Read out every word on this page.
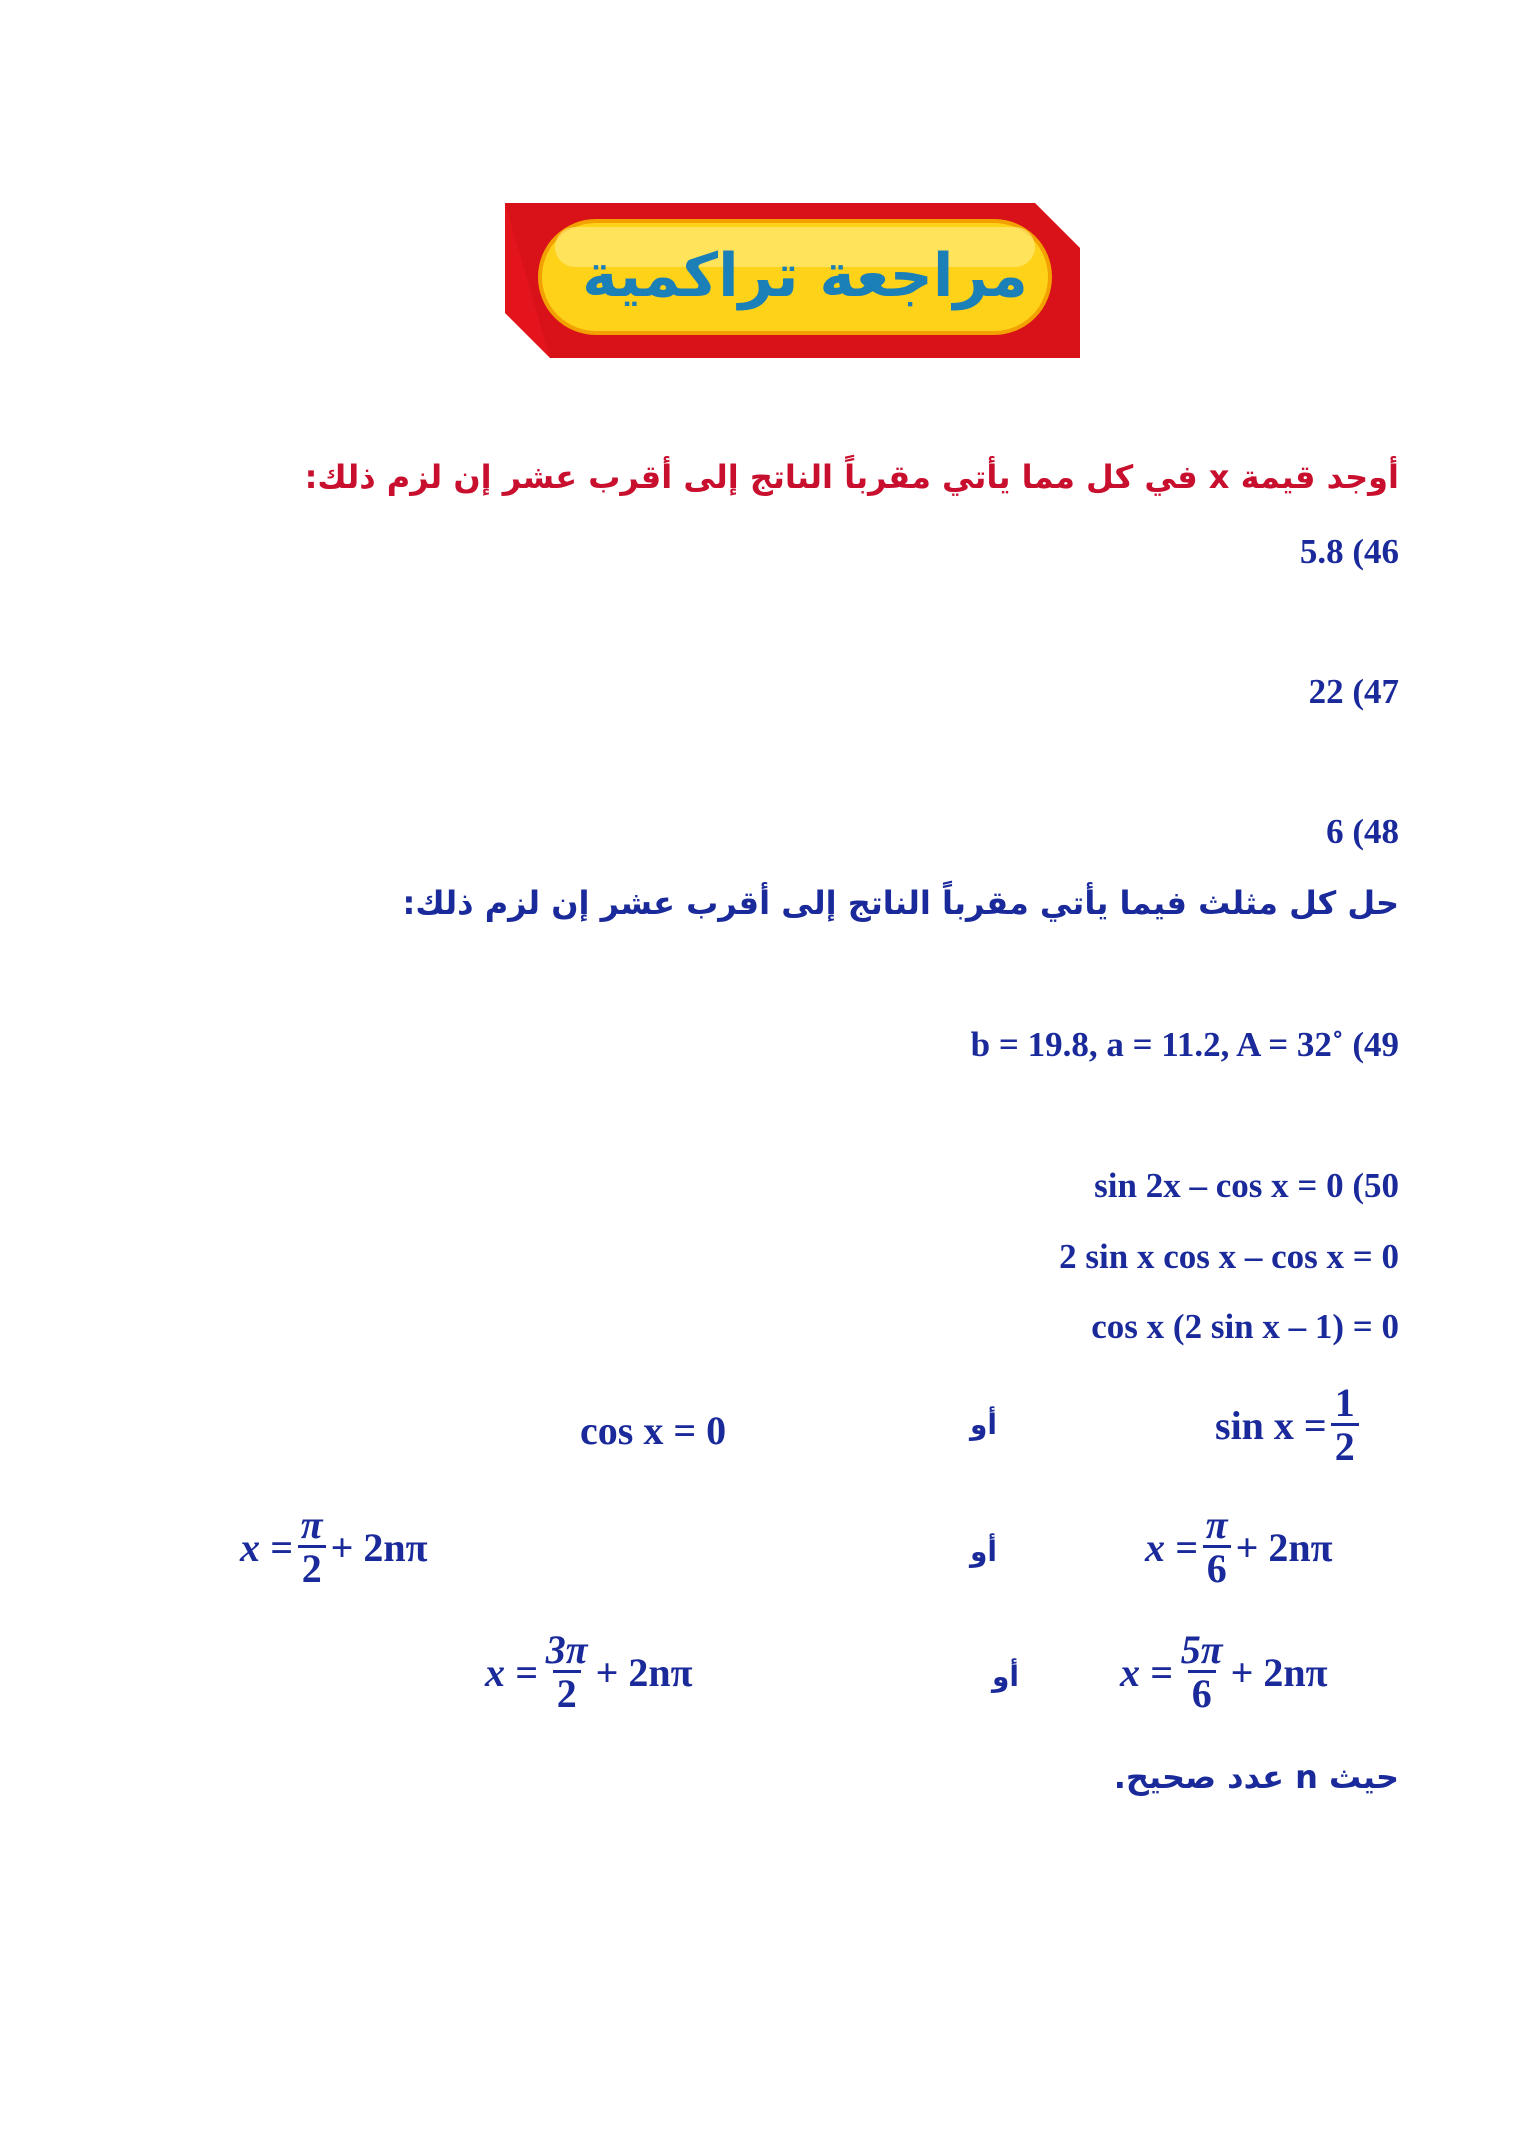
مراجعة تراكمية
أوجد قيمة x في كل مما يأتي مقرباً الناتج إلى أقرب عشر إن لزم ذلك:
5.8 (46
22 (47
6 (48
حل كل مثلث فيما يأتي مقرباً الناتج إلى أقرب عشر إن لزم ذلك:
b = 19.8, a = 11.2, A = 32˚ (49
sin 2x – cos x = 0 (50
2 sin x cos x – cos x = 0
cos x (2 sin x – 1) = 0
$\sin x = \frac{1}{2}$
أو
cos x = 0
$x = \frac{\pi}{6} + 2n\pi$
أو
$x = \frac{\pi}{2} + 2n\pi$
$x = \frac{5\pi}{6} + 2n\pi$
أو
$x = \frac{3\pi}{2} + 2n\pi$
حيث n عدد صحيح.
